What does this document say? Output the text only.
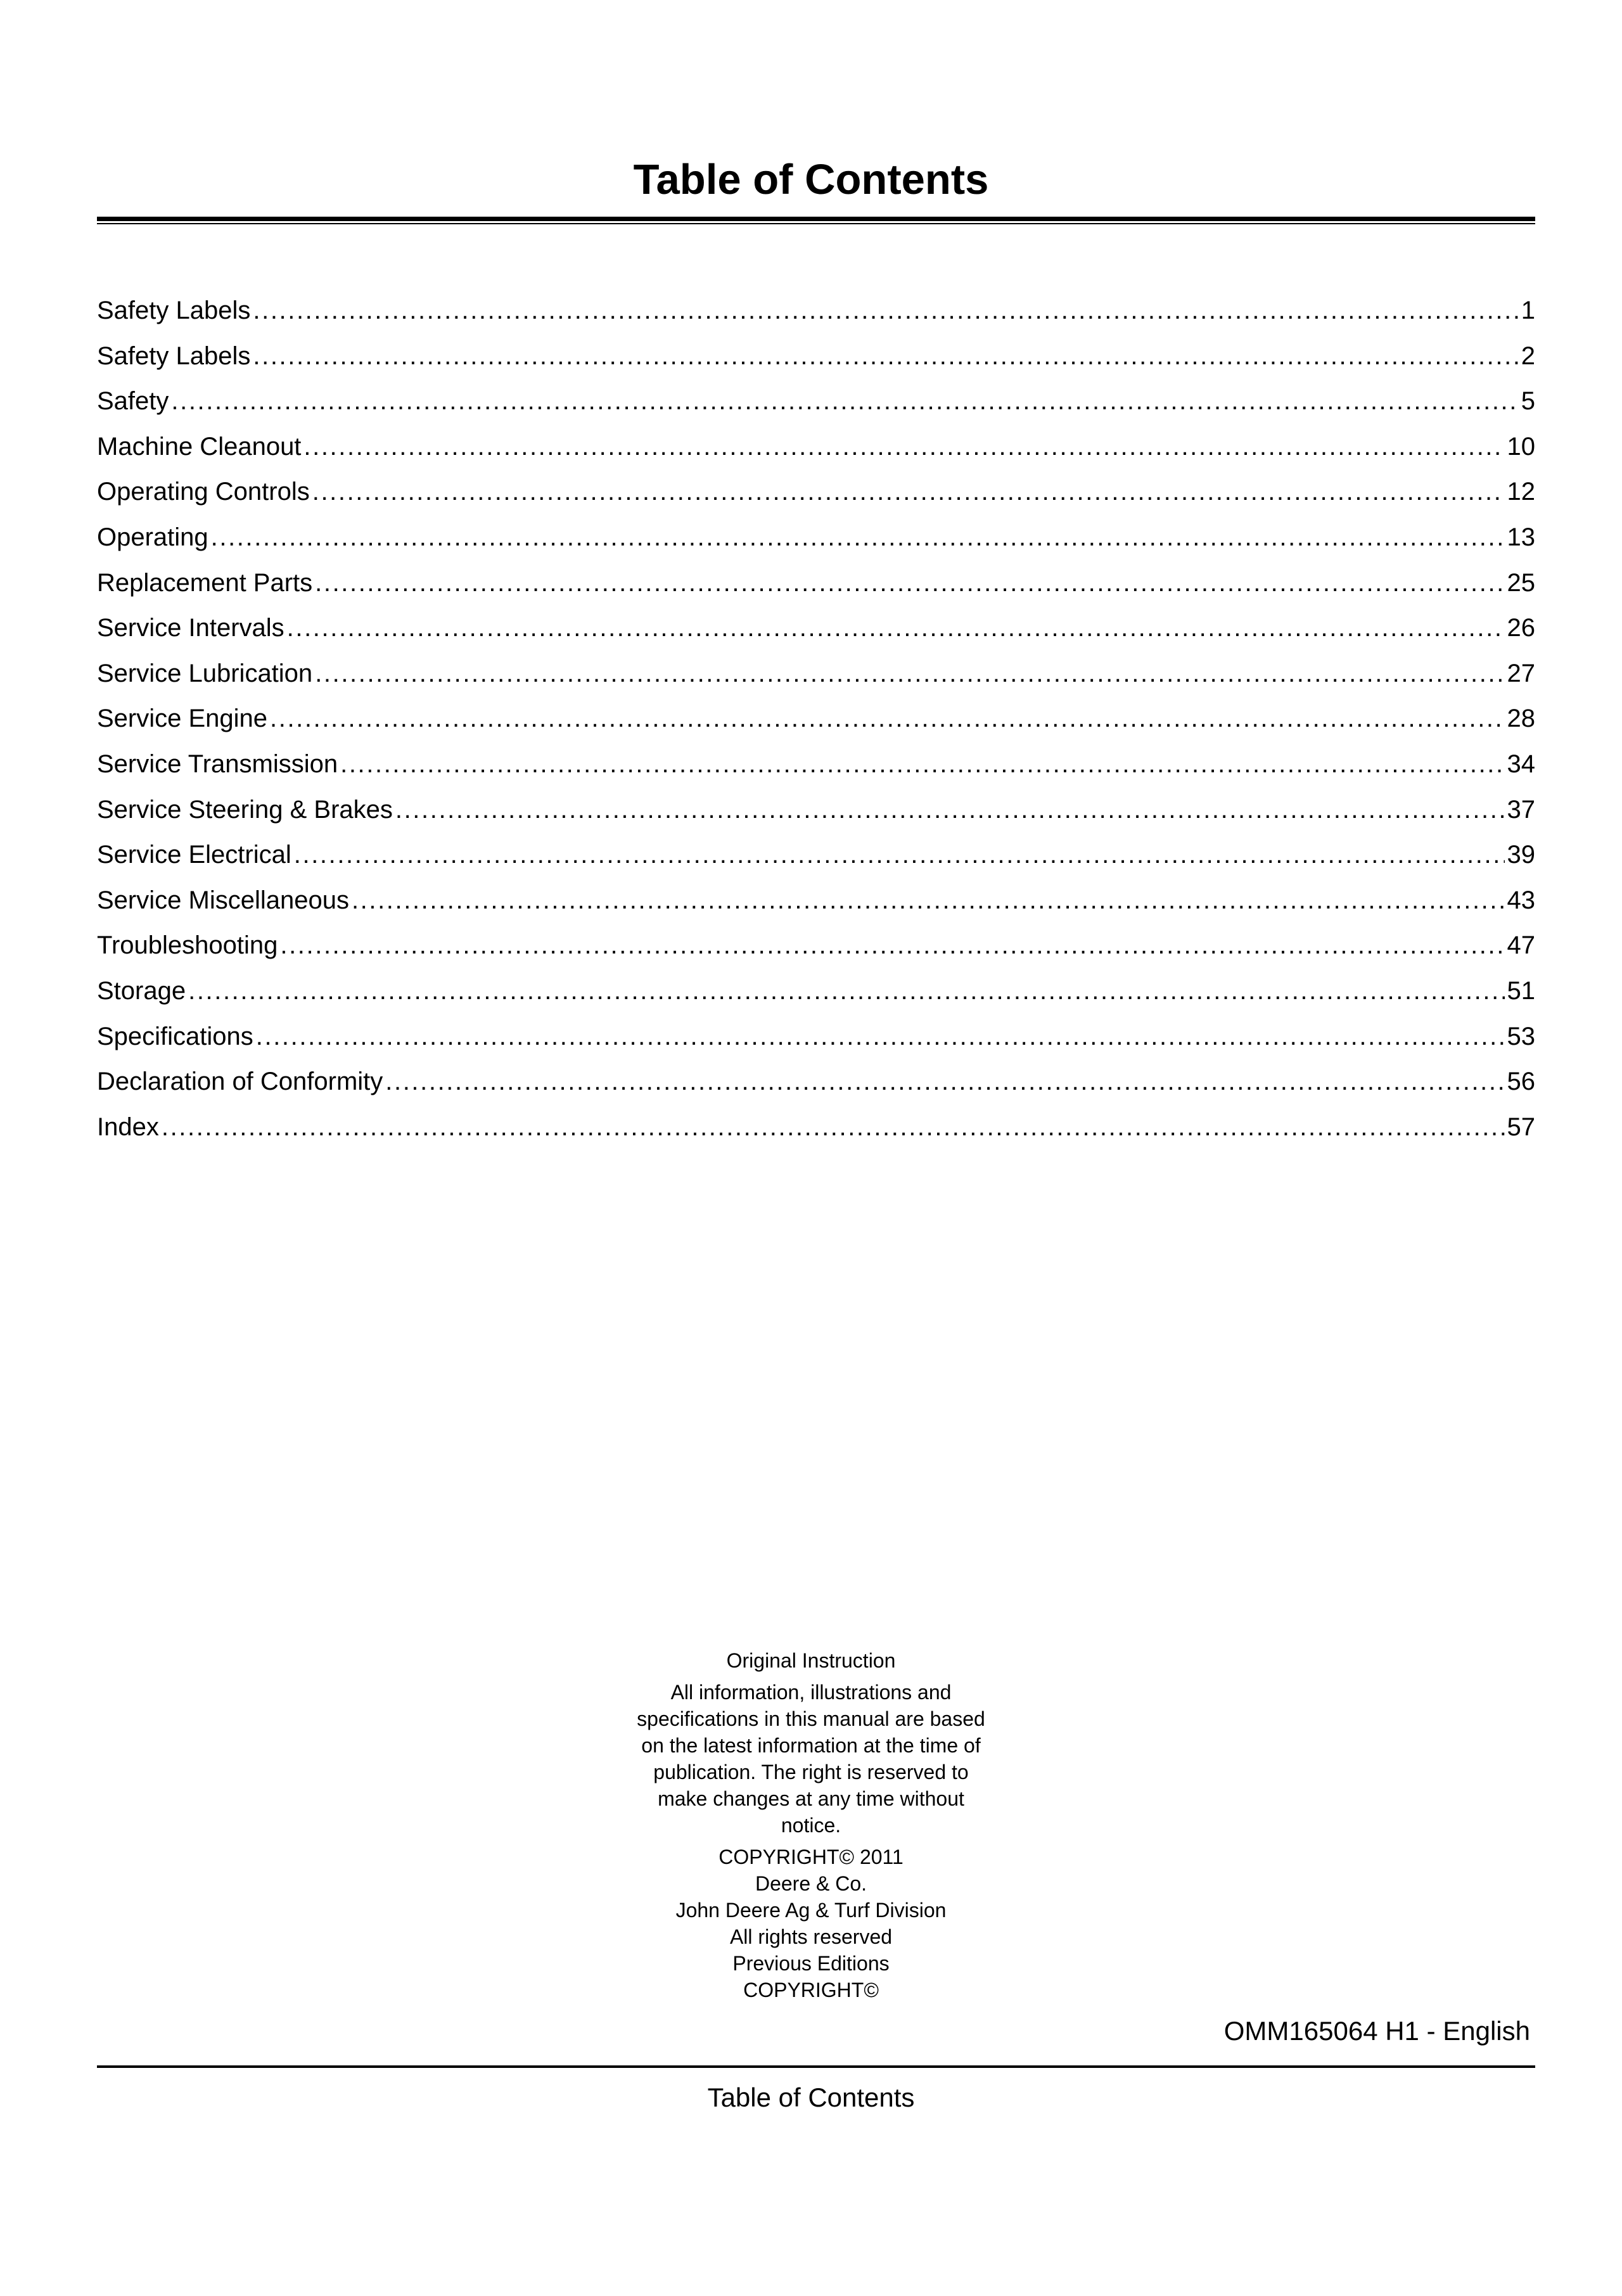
Table of Contents
Safety Labels .....	1
Safety Labels .....	2
Safety .....	5
Machine Cleanout .....	10
Operating Controls .....	12
Operating .....	13
Replacement Parts .....	25
Service Intervals .....	26
Service Lubrication .....	27
Service Engine .....	28
Service Transmission .....	34
Service Steering & Brakes .....	37
Service Electrical .....	39
Service Miscellaneous .....	43
Troubleshooting .....	47
Storage .....	51
Specifications .....	53
Declaration of Conformity .....	56
Index .....	57

Original Instruction

All information, illustrations and

specifications in this manual are based

on the latest information at the time of

publication. The right is reserved to

make changes at any time without

notice.

COPYRIGHT© 2011

Deere & Co.

John Deere Ag & Turf Division

All rights reserved

Previous Editions

COPYRIGHT©

OMM165064 H1 - English
Table of Contents
